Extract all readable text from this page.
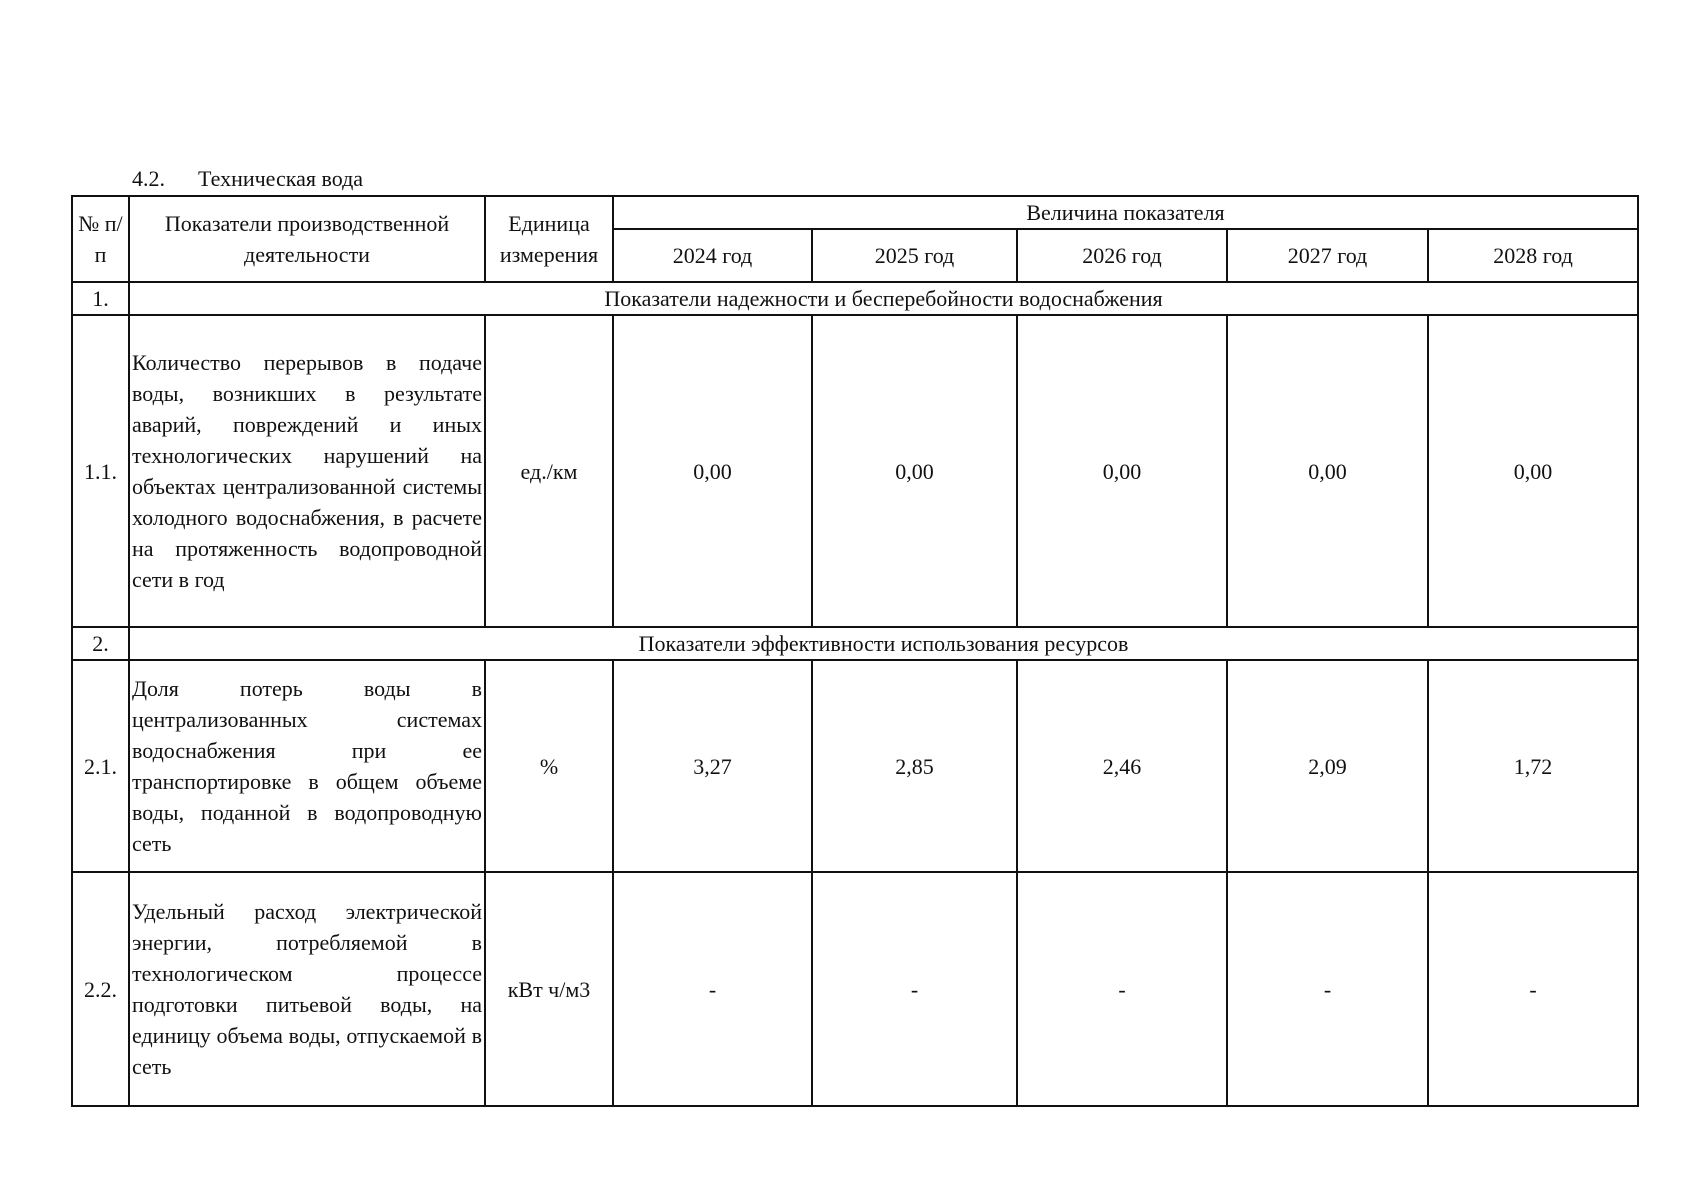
4.2. Техническая вода
№ п/п	Показатели производственной деятельности	Единица измерения	Величина показателя				
			2024 год	2025 год	2026 год	2027 год	2028 год
1.	Показатели надежности и бесперебойности водоснабжения						
1.1.	Количество перерывов в подаче воды, возникших в результате аварий, повреждений и иных технологических нарушений на объектах централизованной системы холодного водоснабжения, в расчете на протяженность водопроводной сети в год	ед./км	0,00	0,00	0,00	0,00	0,00
2.	Показатели эффективности использования ресурсов						
2.1.	Доля потерь воды в централизованных системах водоснабжения при ее транспортировке в общем объеме воды, поданной в водопроводную сеть	%	3,27	2,85	2,46	2,09	1,72
2.2.	Удельный расход электрической энергии, потребляемой в технологическом процессе подготовки питьевой воды, на единицу объема воды, отпускаемой в сеть	кВт ч/м3	-	-	-	-	-
